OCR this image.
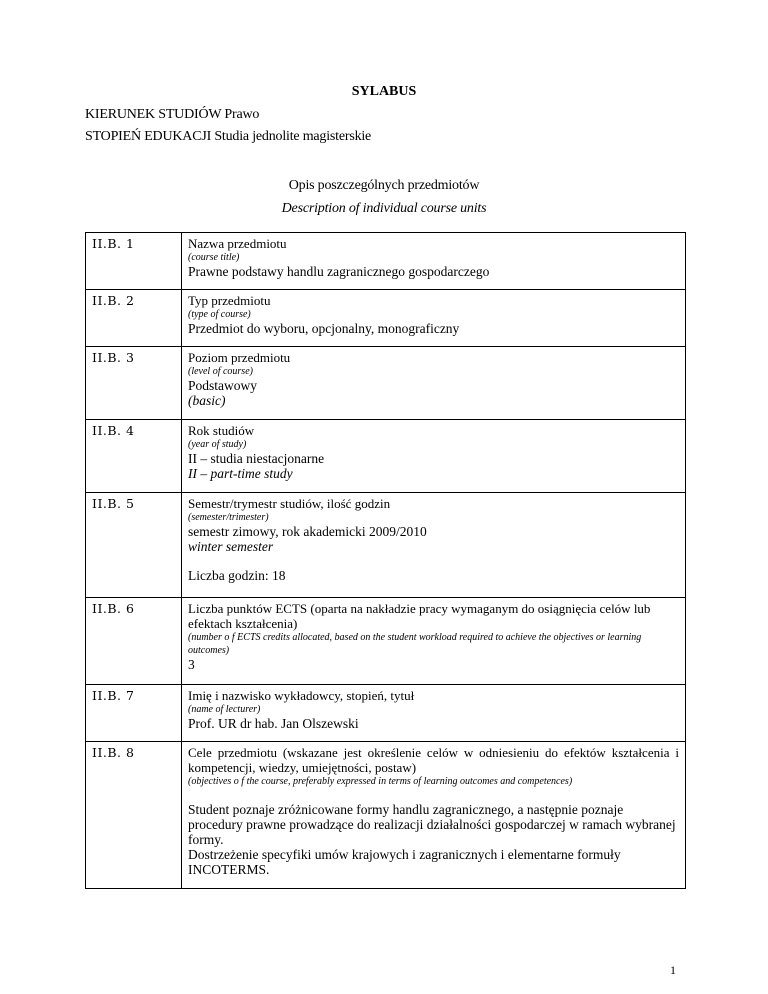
SYLABUS
KIERUNEK STUDIÓW Prawo
STOPIEŃ EDUKACJI Studia jednolite magisterskie
Opis poszczególnych przedmiotów
Description of individual course units
II.B. 1	Nazwa przedmiotu
(course title)
Prawne podstawy handlu zagranicznego gospodarczego

II.B. 2	Typ przedmiotu
(type of course)
Przedmiot do wyboru, opcjonalny, monograficzny

II.B. 3	Poziom przedmiotu
(level of course)
Podstawowy
(basic)

II.B. 4	Rok studiów
(year of study)
II – studia niestacjonarne
II – part-time study

II.B. 5	Semestr/trymestr studiów, ilość godzin
(semester/trimester)
semestr zimowy, rok akademicki 2009/2010
winter semester
Liczba godzin: 18

II.B. 6	Liczba punktów ECTS (oparta na nakładzie pracy wymaganym do osiągnięcia celów lub efektach kształcenia)
(number o f ECTS credits allocated, based on the student workload required to achieve the objectives or learning outcomes)
3

II.B. 7	Imię i nazwisko wykładowcy, stopień, tytuł
(name of lecturer)
Prof. UR dr hab. Jan Olszewski

II.B. 8	Cele przedmiotu (wskazane jest określenie celów w odniesieniu do efektów kształcenia i kompetencji, wiedzy, umiejętności, postaw)
(objectives o f the course, preferably expressed in terms of learning outcomes and competences)
Student poznaje zróżnicowane formy handlu zagranicznego, a następnie poznaje procedury prawne prowadzące do realizacji działalności gospodarczej w ramach wybranej formy.
Dostrzeżenie specyfiki umów krajowych i zagranicznych i elementarne formuły INCOTERMS.
1
